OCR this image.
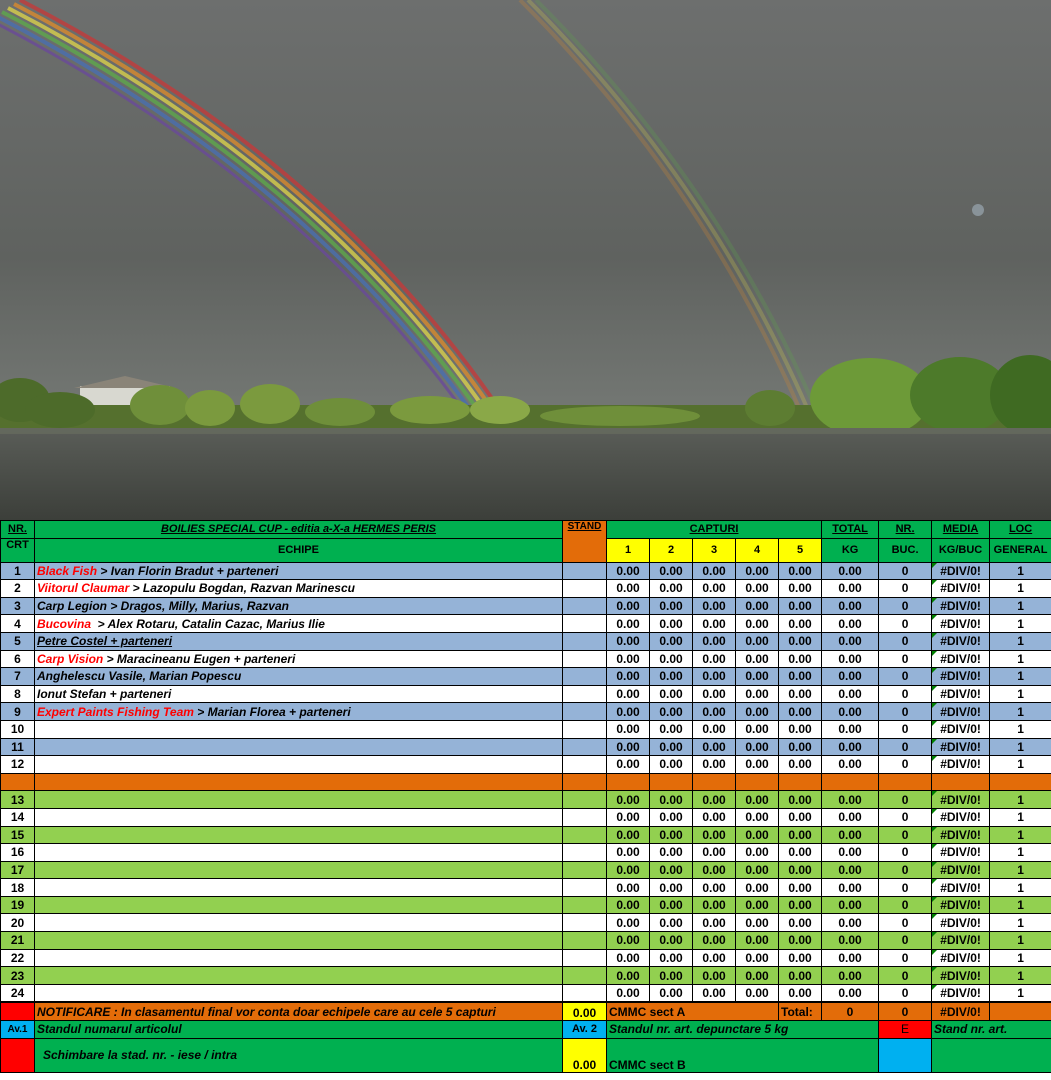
NR.	BOILIES SPECIAL CUP - editia a-X-a HERMES PERIS	STAND	CAPTURI					TOTAL	NR.	MEDIA	LOC
CRT	ECHIPE		1	2	3	4	5	KG	BUC.	KG/BUC	GENERAL
1	Black Fish > Ivan Florin Bradut + parteneri		0.00	0.00	0.00	0.00	0.00	0.00	0	#DIV/0!	1
2	Viitorul Claumar > Lazopulu Bogdan, Razvan Marinescu		0.00	0.00	0.00	0.00	0.00	0.00	0	#DIV/0!	1
3	Carp Legion > Dragos, Milly, Marius, Razvan		0.00	0.00	0.00	0.00	0.00	0.00	0	#DIV/0!	1
4	Bucovina  > Alex Rotaru, Catalin Cazac, Marius Ilie		0.00	0.00	0.00	0.00	0.00	0.00	0	#DIV/0!	1
5	Petre Costel + parteneri		0.00	0.00	0.00	0.00	0.00	0.00	0	#DIV/0!	1
6	Carp Vision > Maracineanu Eugen + parteneri		0.00	0.00	0.00	0.00	0.00	0.00	0	#DIV/0!	1
7	Anghelescu Vasile, Marian Popescu		0.00	0.00	0.00	0.00	0.00	0.00	0	#DIV/0!	1
8	Ionut Stefan + parteneri		0.00	0.00	0.00	0.00	0.00	0.00	0	#DIV/0!	1
9	Expert Paints Fishing Team > Marian Florea + parteneri		0.00	0.00	0.00	0.00	0.00	0.00	0	#DIV/0!	1
10			0.00	0.00	0.00	0.00	0.00	0.00	0	#DIV/0!	1
11			0.00	0.00	0.00	0.00	0.00	0.00	0	#DIV/0!	1
12			0.00	0.00	0.00	0.00	0.00	0.00	0	#DIV/0!	1

13			0.00	0.00	0.00	0.00	0.00	0.00	0	#DIV/0!	1
14			0.00	0.00	0.00	0.00	0.00	0.00	0	#DIV/0!	1
15			0.00	0.00	0.00	0.00	0.00	0.00	0	#DIV/0!	1
16			0.00	0.00	0.00	0.00	0.00	0.00	0	#DIV/0!	1
17			0.00	0.00	0.00	0.00	0.00	0.00	0	#DIV/0!	1
18			0.00	0.00	0.00	0.00	0.00	0.00	0	#DIV/0!	1
19			0.00	0.00	0.00	0.00	0.00	0.00	0	#DIV/0!	1
20			0.00	0.00	0.00	0.00	0.00	0.00	0	#DIV/0!	1
21			0.00	0.00	0.00	0.00	0.00	0.00	0	#DIV/0!	1
22			0.00	0.00	0.00	0.00	0.00	0.00	0	#DIV/0!	1
23			0.00	0.00	0.00	0.00	0.00	0.00	0	#DIV/0!	1
24			0.00	0.00	0.00	0.00	0.00	0.00	0	#DIV/0!	1
	NOTIFICARE : In clasamentul final vor conta doar echipele care au cele 5 capturi	0.00	CMMC sect A	Total:	0	0	#DIV/0!	
Av.1	Standul numarul articolul	Av. 2	Standul nr. art. depunctare 5 kg			E	Stand nr. art.	
	Schimbare la stad. nr. - iese / intra	0.00	CMMC sect B					
